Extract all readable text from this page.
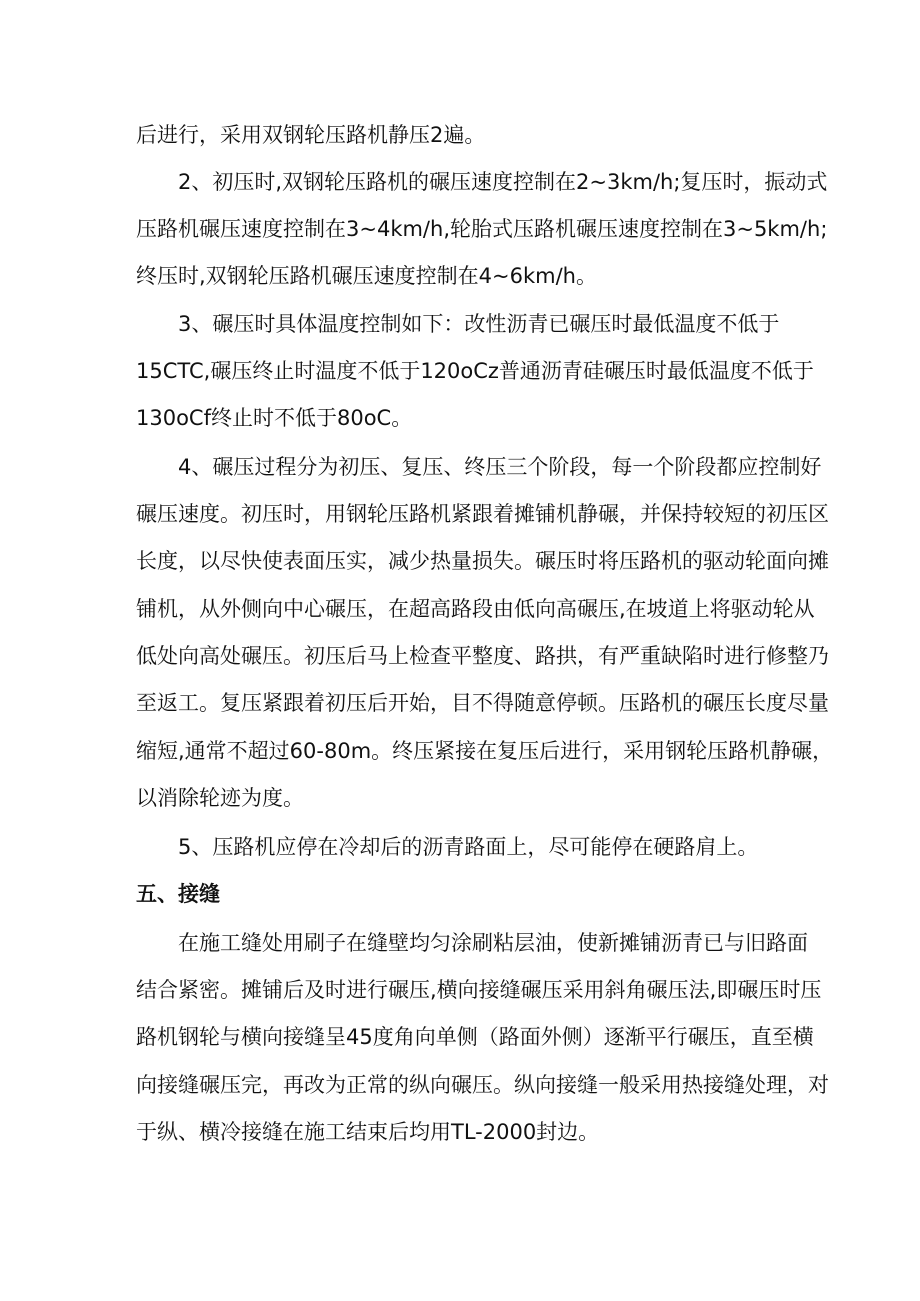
后进行，采用双钢轮压路机静压2遍。
2、初压时,双钢轮压路机的碾压速度控制在2~3km∕h;复压时，振动式
压路机碾压速度控制在3~4km∕h,轮胎式压路机碾压速度控制在3~5km∕h;
终压时,双钢轮压路机碾压速度控制在4~6km∕h。
3、碾压时具体温度控制如下：改性沥青已碾压时最低温度不低于
15CTC,碾压终止时温度不低于120oCz普通沥青硅碾压时最低温度不低于
130oCf终止时不低于80oC。
4、碾压过程分为初压、复压、终压三个阶段，每一个阶段都应控制好
碾压速度。初压时，用钢轮压路机紧跟着摊铺机静碾，并保持较短的初压区
长度，以尽快使表面压实，减少热量损失。碾压时将压路机的驱动轮面向摊
铺机，从外侧向中心碾压，在超高路段由低向高碾压,在坡道上将驱动轮从
低处向高处碾压。初压后马上检查平整度、路拱，有严重缺陷时进行修整乃
至返工。复压紧跟着初压后开始，目不得随意停顿。压路机的碾压长度尽量
缩短,通常不超过60-80m。终压紧接在复压后进行，采用钢轮压路机静碾，
以消除轮迹为度。
5、压路机应停在冷却后的沥青路面上，尽可能停在硬路肩上。
五、接缝
在施工缝处用刷子在缝壁均匀涂刷粘层油，使新摊铺沥青已与旧路面
结合紧密。摊铺后及时进行碾压,横向接缝碾压采用斜角碾压法,即碾压时压
路机钢轮与横向接缝呈45度角向单侧（路面外侧）逐渐平行碾压，直至横
向接缝碾压完，再改为正常的纵向碾压。纵向接缝一般采用热接缝处理，对
于纵、横冷接缝在施工结束后均用TL-2000封边。
